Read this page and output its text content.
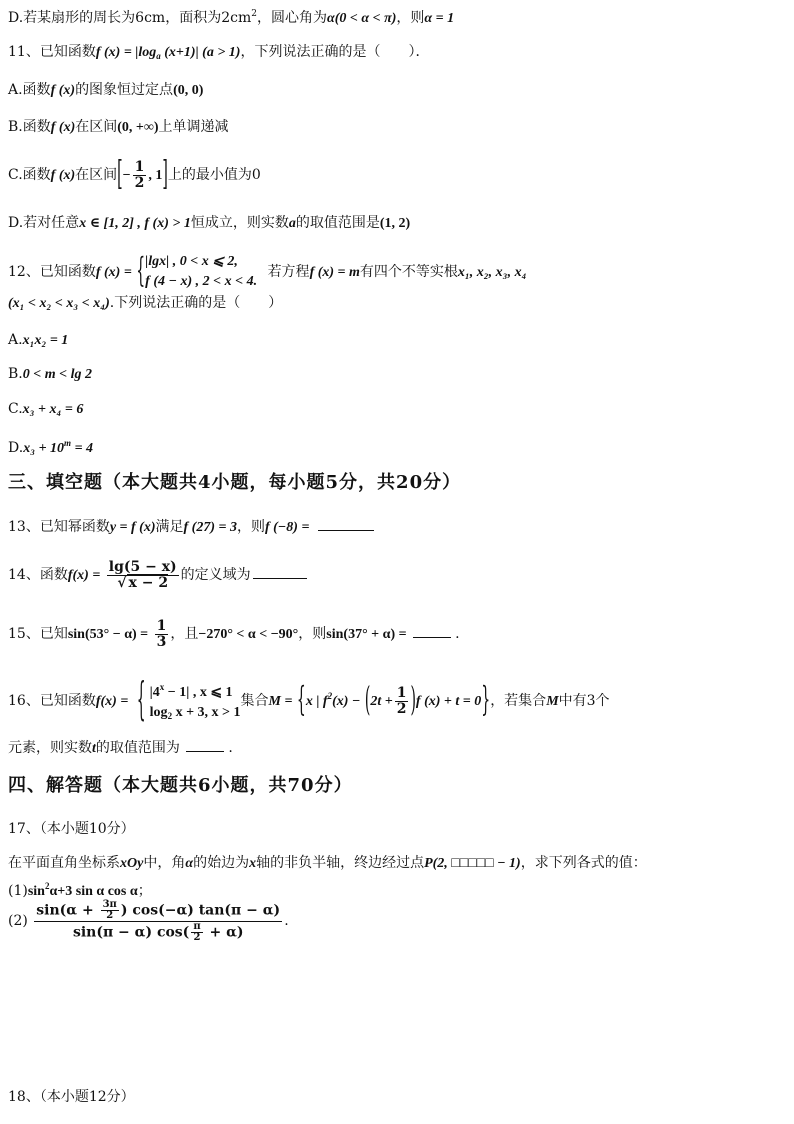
D.若某扇形的周长为6cm，面积为$2cm^2$，圆心角为α(0 < α < π)，则α = 1
11、已知函数f $(x) = |\log_a$ (x+1)| (a > 1)，下列说法正确的是（　　）．
A.函数f (x)的图象恒过定点(0, 0)
B.函数f (x)在区间(0, +∞)上单调递减
C.函数f (x)在区间[− $\frac{1}{2}$ , 1]上的最小值为0
D.若对任意x ∈ [1, 2] , f (x) > 1恒成立，则实数a的取值范围是(1, 2)
12、已知函数f (x) = { |lgx| , 0 < x ⩽ 2,
f (4 − x) , 2 < x < 4.
若方程f (x) = m有四个不等实根x₁, x₂, x₃, x₄
(x₁ < x₂ < x₃ < x₄).下列说法正确的是（　　）
A.x₁x₂ = 1
B.0 < m < lg 2
C.x₃ + x₄ = 6
$D.x_3 + 10^m = 4$
三、填空题（本大题共4小题，每小题5分，共20分）
13、已知幂函数y = f (x)满足f (27) = 3，则f (−8) =
14、函数$f(x) = \frac{\lg(5 - x)}{√ x - 2}$ 的定义域为
15、已知$\sin(53^\circ - \alpha) = \frac{1}{3}$ ，且−270° < α < −90°，则sin(37° + α) =	.
16、已知函数f(x) = { $|4^x - 1|$ , x ⩽ 1
$\log_2 x + 3$, x > 1
集合M = {x | $f^2(x) - (2t + \frac{1}{2} )f$ (x) + t = 0}，若集合M中有3个
元素，则实数t的取值范围为	.
四、解答题（本大题共6小题，共70分）
17、（本小题10分）
在平面直角坐标系xOy中，角α的始边为x轴的非负半轴，终边经过点P(2, □□□□□ − 1)，求下列各式的值：
$(1)\sin^2\alpha+3$ sin α cos α；
$(2) \frac{\sin(\alpha + \frac{3\pi}{2} ) \cos(-\alpha) \tan(\pi - \alpha)}{\sin(\pi - \alpha) \cos( \frac{\pi}{2} + \alpha)}$ .
18、（本小题12分）
